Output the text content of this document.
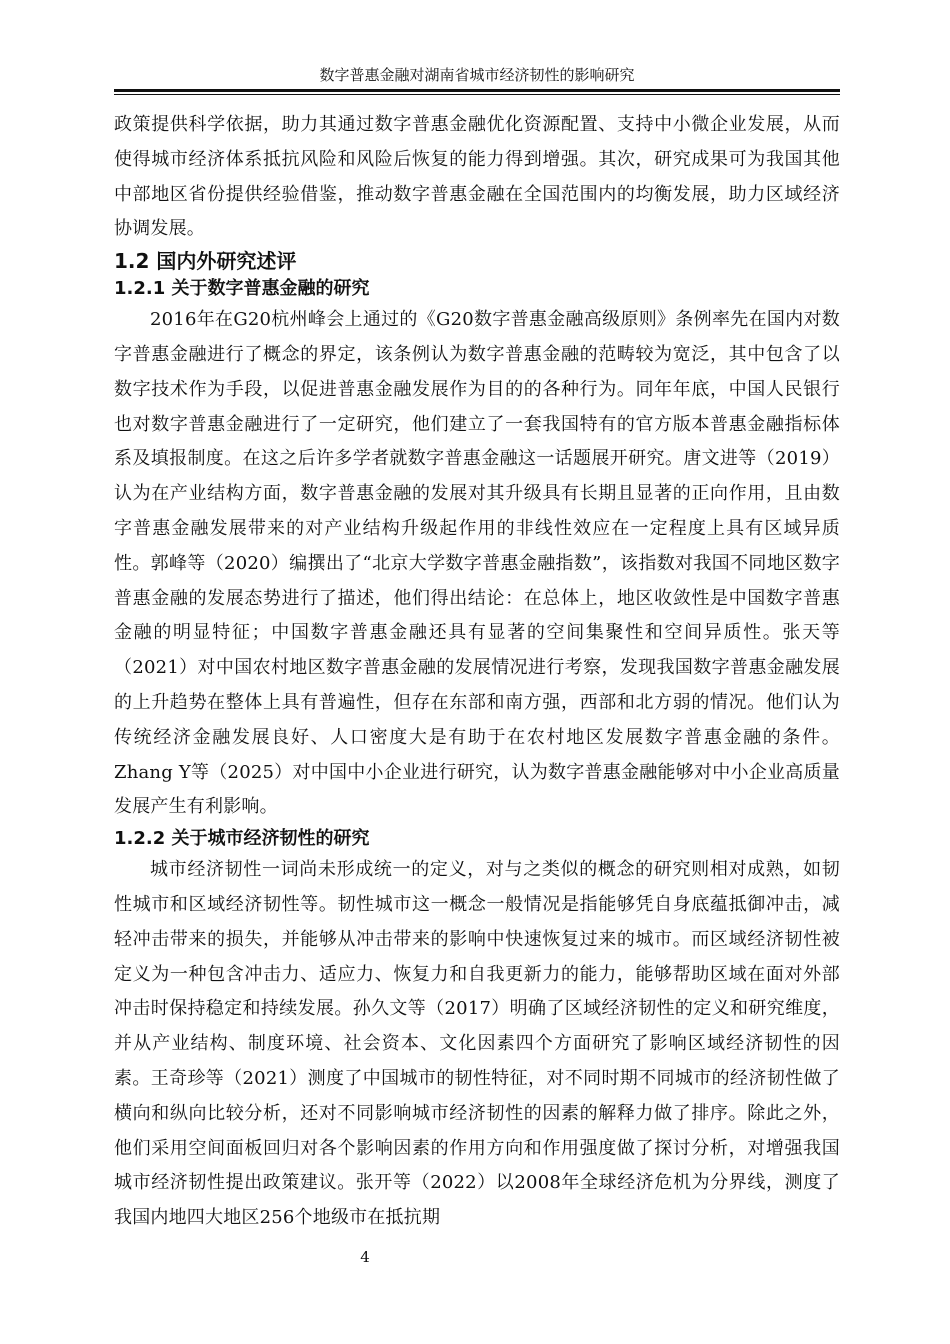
数字普惠金融对湖南省城市经济韧性的影响研究

政策提供科学依据，助力其通过数字普惠金融优化资源配置、支持中小微企业发展，从而使得城市经济体系抵抗风险和风险后恢复的能力得到增强。其次，研究成果可为我国其他中部地区省份提供经验借鉴，推动数字普惠金融在全国范围内的均衡发展，助力区域经济协调发展。

1.2 国内外研究述评
1.2.1 关于数字普惠金融的研究

2016年在G20杭州峰会上通过的《G20数字普惠金融高级原则》条例率先在国内对数字普惠金融进行了概念的界定，该条例认为数字普惠金融的范畴较为宽泛，其中包含了以数字技术作为手段，以促进普惠金融发展作为目的的各种行为。同年年底，中国人民银行也对数字普惠金融进行了一定研究，他们建立了一套我国特有的官方版本普惠金融指标体系及填报制度。在这之后许多学者就数字普惠金融这一话题展开研究。唐文进等（2019）认为在产业结构方面，数字普惠金融的发展对其升级具有长期且显著的正向作用，且由数字普惠金融发展带来的对产业结构升级起作用的非线性效应在一定程度上具有区域异质性。郭峰等（2020）编撰出了“北京大学数字普惠金融指数”，该指数对我国不同地区数字普惠金融的发展态势进行了描述，他们得出结论：在总体上，地区收敛性是中国数字普惠金融的明显特征；中国数字普惠金融还具有显著的空间集聚性和空间异质性。张天等（2021）对中国农村地区数字普惠金融的发展情况进行考察，发现我国数字普惠金融发展的上升趋势在整体上具有普遍性，但存在东部和南方强，西部和北方弱的情况。他们认为传统经济金融发展良好、人口密度大是有助于在农村地区发展数字普惠金融的条件。Zhang Y等（2025）对中国中小企业进行研究，认为数字普惠金融能够对中小企业高质量发展产生有利影响。

1.2.2 关于城市经济韧性的研究

城市经济韧性一词尚未形成统一的定义，对与之类似的概念的研究则相对成熟，如韧性城市和区域经济韧性等。韧性城市这一概念一般情况是指能够凭自身底蕴抵御冲击，减轻冲击带来的损失，并能够从冲击带来的影响中快速恢复过来的城市。而区域经济韧性被定义为一种包含冲击力、适应力、恢复力和自我更新力的能力，能够帮助区域在面对外部冲击时保持稳定和持续发展。孙久文等（2017）明确了区域经济韧性的定义和研究维度，并从产业结构、制度环境、社会资本、文化因素四个方面研究了影响区域经济韧性的因素。王奇珍等（2021）测度了中国城市的韧性特征，对不同时期不同城市的经济韧性做了横向和纵向比较分析，还对不同影响城市经济韧性的因素的解释力做了排序。除此之外，他们采用空间面板回归对各个影响因素的作用方向和作用强度做了探讨分析，对增强我国城市经济韧性提出政策建议。张开等（2022）以2008年全球经济危机为分界线，测度了我国内地四大地区256个地级市在抵抗期

4
